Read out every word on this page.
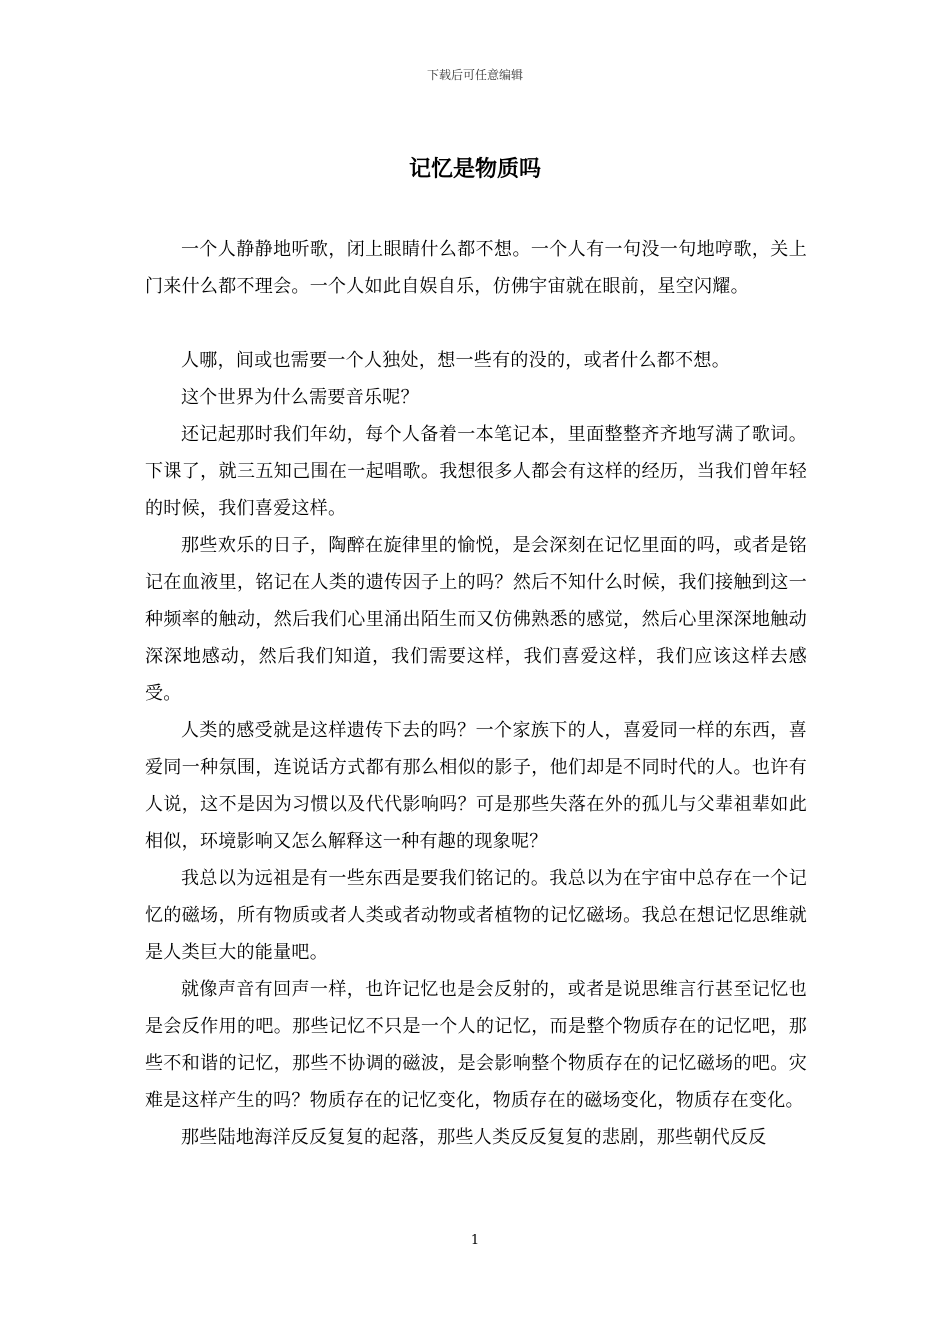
下载后可任意编辑
记忆是物质吗

一个人静静地听歌，闭上眼睛什么都不想。一个人有一句没一句地哼歌，关上门来什么都不理会。一个人如此自娱自乐，仿佛宇宙就在眼前，星空闪耀。

人哪，间或也需要一个人独处，想一些有的没的，或者什么都不想。

这个世界为什么需要音乐呢？

还记起那时我们年幼，每个人备着一本笔记本，里面整整齐齐地写满了歌词。下课了，就三五知己围在一起唱歌。我想很多人都会有这样的经历，当我们曾年轻的时候，我们喜爱这样。

那些欢乐的日子，陶醉在旋律里的愉悦，是会深刻在记忆里面的吗，或者是铭记在血液里，铭记在人类的遗传因子上的吗？然后不知什么时候，我们接触到这一种频率的触动，然后我们心里涌出陌生而又仿佛熟悉的感觉，然后心里深深地触动深深地感动，然后我们知道，我们需要这样，我们喜爱这样，我们应该这样去感受。

人类的感受就是这样遗传下去的吗？一个家族下的人，喜爱同一样的东西，喜爱同一种氛围，连说话方式都有那么相似的影子，他们却是不同时代的人。也许有人说，这不是因为习惯以及代代影响吗？可是那些失落在外的孤儿与父辈祖辈如此相似，环境影响又怎么解释这一种有趣的现象呢？

我总以为远祖是有一些东西是要我们铭记的。我总以为在宇宙中总存在一个记忆的磁场，所有物质或者人类或者动物或者植物的记忆磁场。我总在想记忆思维就是人类巨大的能量吧。

就像声音有回声一样，也许记忆也是会反射的，或者是说思维言行甚至记忆也是会反作用的吧。那些记忆不只是一个人的记忆，而是整个物质存在的记忆吧，那些不和谐的记忆，那些不协调的磁波，是会影响整个物质存在的记忆磁场的吧。灾难是这样产生的吗？物质存在的记忆变化，物质存在的磁场变化，物质存在变化。

那些陆地海洋反反复复的起落，那些人类反反复复的悲剧，那些朝代反反

1
